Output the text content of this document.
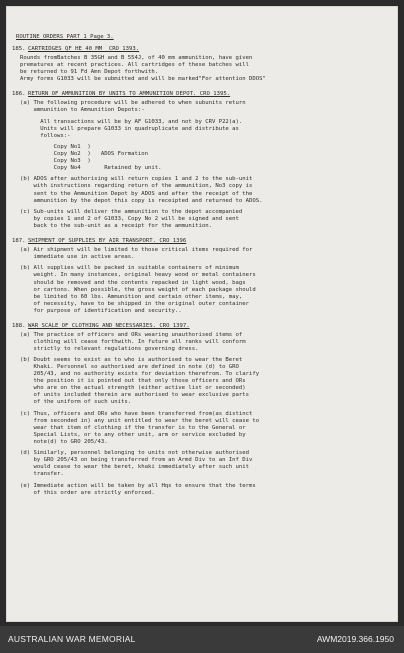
ROUTINE ORDERS PART 1 Page 3.
185. CARTRIDGES QF HE 40 MM  CRO 1393.
Rounds fromBatches B 35GH and B 554J, of 40 mm ammunition, have given
prematures at recent practices. All cartridges of these batches will
be returned to 91 Fd Amn Depot forthwith.
Army forms G1033 will be submitted and will be marked"For attention DDOS"
186. RETURN OF AMMUNITION BY UNITS TO AMMUNITION DEPOT. CRO 1395.
(a) The following procedure will be adhered to when subunits return
ammunition to Ammunition Depots:-
All transactions will be by AF G1033, and not by CRV P22(a).
Units will prepare G1033 in quadruplicate and distribute as
follows:-
Copy No1  )
Copy No2  )   ADOS Formation
Copy No3  )
Copy No4       Retained by unit.
(b) ADOS after authorising will return copies 1 and 2 to the sub-unit
with instructions regarding return of the ammunition, No3 copy is
sent to the Ammunition Depot by ADOS and after the receipt of the
ammunition by the depot this copy is receipted and returned to ADOS.
(c) Sub-units will deliver the ammunition to the depot accompanied
by copies 1 and 2 of G1033, Copy No 2 will be signed and sent
back to the sub-unit as a receipt for the ammunition.
187. SHIPMENT OF SUPPLIES BY AIR TRANSPORT. CRO 1396
(a) Air shipment will be limited to those critical items required for
immediate use in active areas.
(b) All supplies will be packed in suitable containers of minimum
weight. In many instances, original heavy wood or metal containers
should be removed and the contents repacked in light wood, bags
or cartons. When possible, the gross weight of each package should
be limited to 60 lbs. Ammunition and certain other items, may,
of necessity, have to be shipped in the original outer container
for purpose of identification and security..
188. WAR SCALE OF CLOTHING AND NECESSARIES. CRO 1397.
(a) The practice of officers and ORs wearing unauthorised items of
clothing will cease forthwith. In future all ranks will conform
strictly to relevant regulations governing dress.
(b) Doubt seems to exist as to who is authorised to wear the Beret
Khaki. Personnel so authorised are defined in note (d) to GRO
205/43, and no authority exists for deviation therefrom. To clarify
the position it is pointed out that only those officers and ORs
who are on the actual strength (either active list or seconded)
of units included therein are authorised to wear exclusive parts
of the uniform of such units.
(c) Thus, officers and ORs who have been transferred from(as distinct
from seconded in) any unit entitled to wear the beret will cease to
wear that item of clothing if the transfer is to the General or
Special Lists, or to any other unit, arm or service excluded by
note(d) to GRO 205/43.
(d) Similarly, personnel belonging to units not otherwise authorised
by GRO 205/43 on being transferred from an Armd Div to an Inf Div
would cease to wear the beret, khaki immediately after such unit
transfer.
(e) Immediate action will be taken by all Hqs to ensure that the terms
of this order are strictly enforced.
AUSTRALIAN WAR MEMORIAL	AWM2019.366.1950
